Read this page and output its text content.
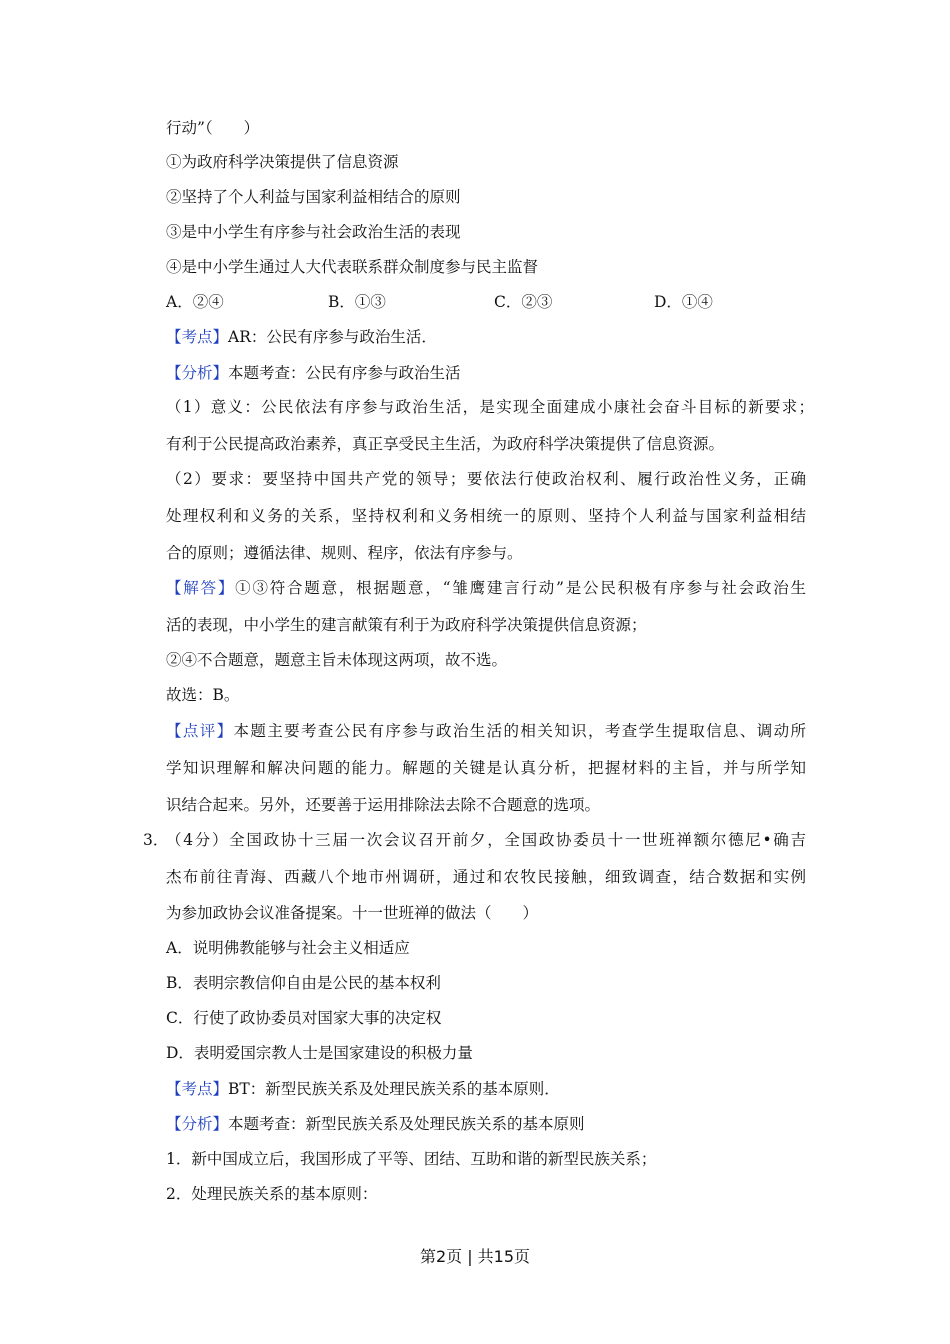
行动”（　　）
①为政府科学决策提供了信息资源
②坚持了个人利益与国家利益相结合的原则
③是中小学生有序参与社会政治生活的表现
④是中小学生通过人大代表联系群众制度参与民主监督
A．②④	B．①③	C．②③	D．①④
【考点】AR：公民有序参与政治生活．
【分析】本题考查：公民有序参与政治生活
（1）意义：公民依法有序参与政治生活，是实现全面建成小康社会奋斗目标的新要求；
有利于公民提高政治素养，真正享受民主生活，为政府科学决策提供了信息资源。
（2）要求：要坚持中国共产党的领导；要依法行使政治权利、履行政治性义务，正确
处理权利和义务的关系，坚持权利和义务相统一的原则、坚持个人利益与国家利益相结
合的原则；遵循法律、规则、程序，依法有序参与。
【解答】①③符合题意，根据题意，“雏鹰建言行动”是公民积极有序参与社会政治生
活的表现，中小学生的建言献策有利于为政府科学决策提供信息资源；
②④不合题意，题意主旨未体现这两项，故不选。
故选：B。
【点评】本题主要考查公民有序参与政治生活的相关知识，考查学生提取信息、调动所
学知识理解和解决问题的能力。解题的关键是认真分析，把握材料的主旨，并与所学知
识结合起来。另外，还要善于运用排除法去除不合题意的选项。
3．
（4分）全国政协十三届一次会议召开前夕，全国政协委员十一世班禅额尔德尼•确吉
杰布前往青海、西藏八个地市州调研，通过和农牧民接触，细致调查，结合数据和实例
为参加政协会议准备提案。十一世班禅的做法（　　）
A．说明佛教能够与社会主义相适应
B．表明宗教信仰自由是公民的基本权利
C．行使了政协委员对国家大事的决定权
D．表明爱国宗教人士是国家建设的积极力量
【考点】BT：新型民族关系及处理民族关系的基本原则．
【分析】本题考查：新型民族关系及处理民族关系的基本原则
1．新中国成立后，我国形成了平等、团结、互助和谐的新型民族关系；
2．处理民族关系的基本原则：
第2页 | 共15页
